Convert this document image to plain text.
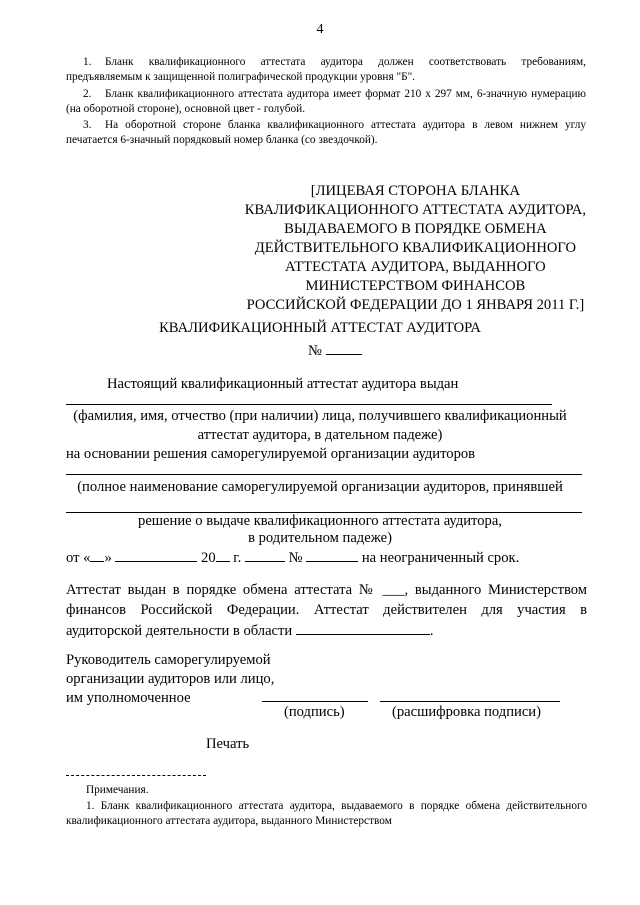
4
1. Бланк квалификационного аттестата аудитора должен соответствовать требованиям, предъявляемым к защищенной полиграфической продукции уровня "Б".
2. Бланк квалификационного аттестата аудитора имеет формат 210 х 297 мм, 6-значную нумерацию (на оборотной стороне), основной цвет - голубой.
3. На оборотной стороне бланка квалификационного аттестата аудитора в левом нижнем углу печатается 6-значный порядковый номер бланка (со звездочкой).
[ЛИЦЕВАЯ СТОРОНА БЛАНКА
КВАЛИФИКАЦИОННОГО АТТЕСТАТА АУДИТОРА,
ВЫДАВАЕМОГО В ПОРЯДКЕ ОБМЕНА
ДЕЙСТВИТЕЛЬНОГО КВАЛИФИКАЦИОННОГО
АТТЕСТАТА АУДИТОРА, ВЫДАННОГО
МИНИСТЕРСТВОМ ФИНАНСОВ
РОССИЙСКОЙ ФЕДЕРАЦИИ ДО 1 ЯНВАРЯ 2011 Г.]
КВАЛИФИКАЦИОННЫЙ АТТЕСТАТ АУДИТОРА
№
Настоящий квалификационный аттестат аудитора выдан
(фамилия, имя, отчество (при наличии) лица, получившего квалификационный
аттестат аудитора, в дательном падеже)
на основании решения саморегулируемой организации аудиторов
(полное наименование саморегулируемой организации аудиторов, принявшей
решение о выдаче квалификационного аттестата аудитора,
в родительном падеже)
от « »	20 г.	№	на неограниченный срок.
Аттестат выдан в порядке обмена аттестата № ___, выданного Министерством финансов Российской Федерации. Аттестат действителен для участия в аудиторской деятельности в области	.
Руководитель саморегулируемой
организации аудиторов или лицо,
им уполномоченное
(подпись)	(расшифровка подписи)
Печать
Примечания.
1. Бланк квалификационного аттестата аудитора, выдаваемого в порядке обмена действительного квалификационного аттестата аудитора, выданного Министерством
